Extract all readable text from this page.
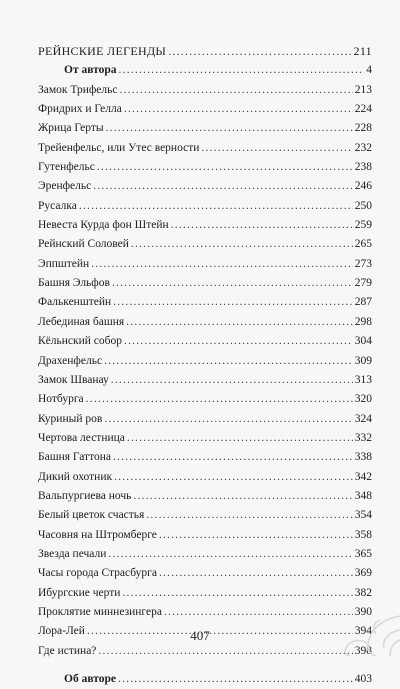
РЕЙНСКИЕ ЛЕГЕНДЫ .....	211
От автора .....	4
Замок Трифельс .....	213
Фридрих и Гелла .....	224
Жрица Герты .....	228
Трейенфельс, или Утес верности .....	232
Гутенфельс .....	238
Эренфельс .....	246
Русалка .....	250
Невеста Курда фон Штейн .....	259
Рейнский Соловей .....	265
Эппштейн .....	273
Башня Эльфов .....	279
Фалькенштейн .....	287
Лебединая башня .....	298
Кёльнский собор .....	304
Драхенфельс .....	309
Замок Шванау .....	313
Нотбурга .....	320
Куриный ров .....	324
Чертова лестница .....	332
Башня Гаттона .....	338
Дикий охотник .....	342
Вальпургиева ночь .....	348
Белый цветок счастья .....	354
Часовня на Штромберге .....	358
Звезда печали .....	365
Часы города Страсбурга .....	369
Ибургские черти .....	382
Проклятие миннезингера .....	390
Лора-Лей .....	394
Где истина? .....	398
Об авторе .....	403
407
